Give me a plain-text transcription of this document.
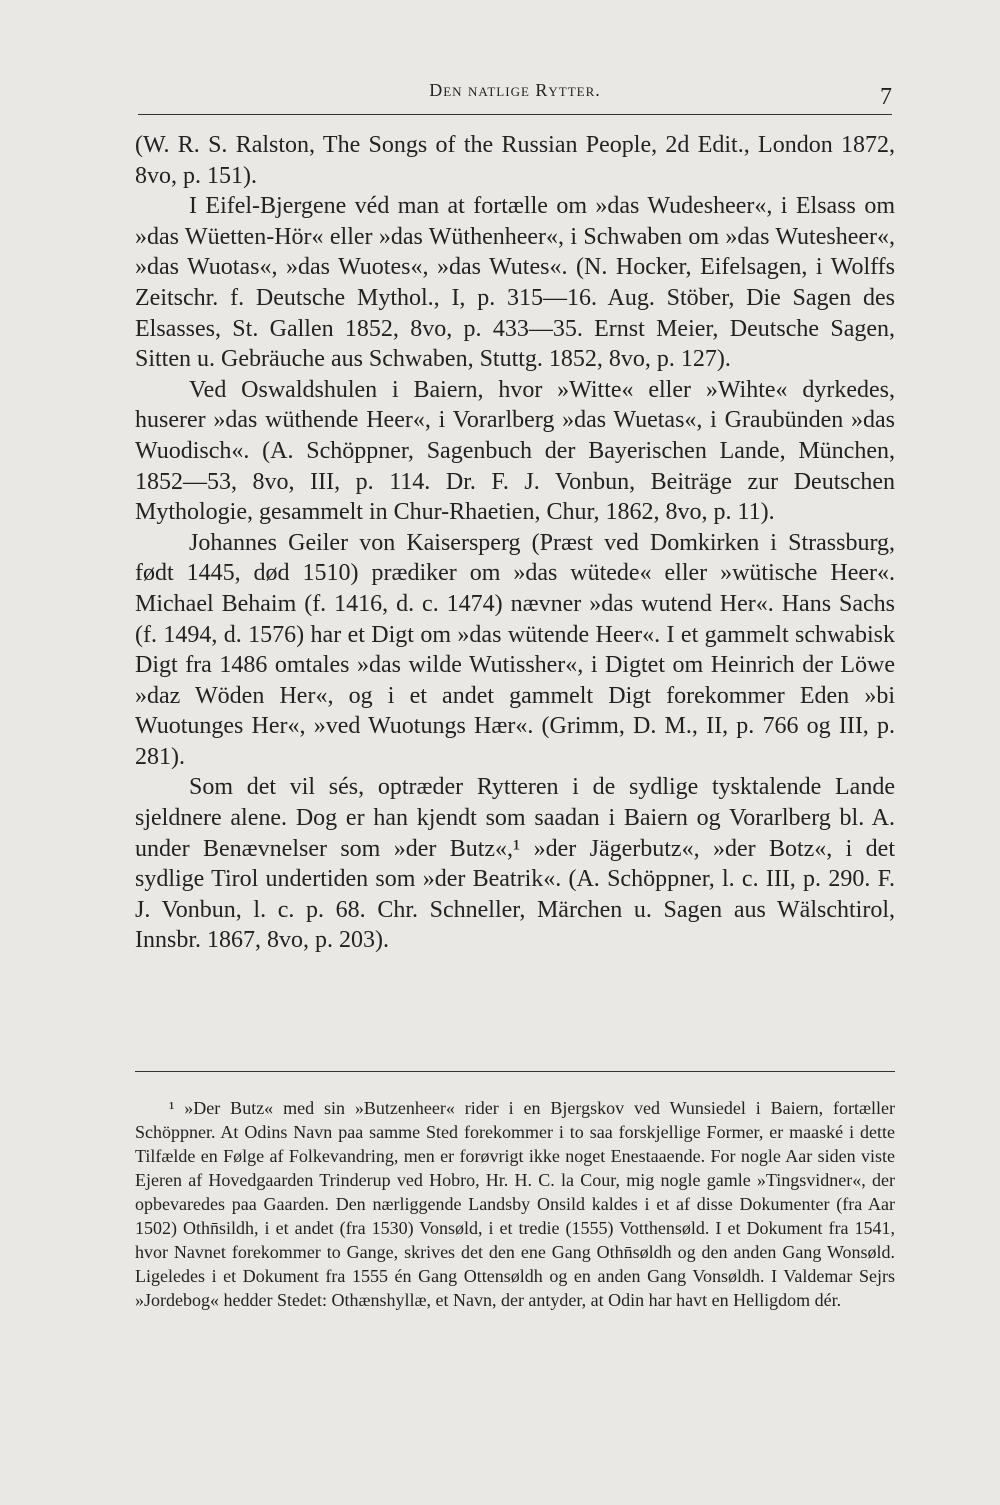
Den natlige Rytter.	7

(W. R. S. Ralston, The Songs of the Russian People, 2d Edit., London 1872, 8vo, p. 151).

I Eifel-Bjergene véd man at fortælle om »das Wudesheer«, i Elsass om »das Wüetten-Hör« eller »das Wüthenheer«, i Schwaben om »das Wutesheer«, »das Wuotas«, »das Wuotes«, »das Wutes«. (N. Hocker, Eifelsagen, i Wolffs Zeitschr. f. Deutsche Mythol., I, p. 315—16. Aug. Stöber, Die Sagen des Elsasses, St. Gallen 1852, 8vo, p. 433—35. Ernst Meier, Deutsche Sagen, Sitten u. Gebräuche aus Schwaben, Stuttg. 1852, 8vo, p. 127).

Ved Oswaldshulen i Baiern, hvor »Witte« eller »Wihte« dyrkedes, huserer »das wüthende Heer«, i Vorarlberg »das Wuetas«, i Graubünden »das Wuodisch«. (A. Schöppner, Sagenbuch der Bayerischen Lande, München, 1852—53, 8vo, III, p. 114. Dr. F. J. Vonbun, Beiträge zur Deutschen Mythologie, gesammelt in Chur-Rhaetien, Chur, 1862, 8vo, p. 11).

Johannes Geiler von Kaisersperg (Præst ved Domkirken i Strassburg, født 1445, død 1510) prædiker om »das wütede« eller »wütische Heer«. Michael Behaim (f. 1416, d. c. 1474) nævner »das wutend Her«. Hans Sachs (f. 1494, d. 1576) har et Digt om »das wütende Heer«. I et gammelt schwabisk Digt fra 1486 omtales »das wilde Wutissher«, i Digtet om Heinrich der Löwe »daz Wöden Her«, og i et andet gammelt Digt forekommer Eden »bi Wuotunges Her«, »ved Wuotungs Hær«. (Grimm, D. M., II, p. 766 og III, p. 281).

Som det vil sés, optræder Rytteren i de sydlige tysktalende Lande sjeldnere alene. Dog er han kjendt som saadan i Baiern og Vorarlberg bl. A. under Benævnelser som »der Butz«,¹ »der Jägerbutz«, »der Botz«, i det sydlige Tirol undertiden som »der Beatrik«. (A. Schöppner, l. c. III, p. 290. F. J. Vonbun, l. c. p. 68. Chr. Schneller, Märchen u. Sagen aus Wälschtirol, Innsbr. 1867, 8vo, p. 203).

¹ »Der Butz« med sin »Butzenheer« rider i en Bjergskov ved Wunsiedel i Baiern, fortæller Schöppner. At Odins Navn paa samme Sted forekommer i to saa forskjellige Former, er maaské i dette Tilfælde en Følge af Folkevandring, men er forøvrigt ikke noget Enestaaende. For nogle Aar siden viste Ejeren af Hovedgaarden Trinderup ved Hobro, Hr. H. C. la Cour, mig nogle gamle »Tingsvidner«, der opbevaredes paa Gaarden. Den nærliggende Landsby Onsild kaldes i et af disse Dokumenter (fra Aar 1502) Othn̄sildh, i et andet (fra 1530) Vonsøld, i et tredie (1555) Votthensøld. I et Dokument fra 1541, hvor Navnet forekommer to Gange, skrives det den ene Gang Othn̄søldh og den anden Gang Wonsøld. Ligeledes i et Dokument fra 1555 én Gang Ottensøldh og en anden Gang Vonsøldh. I Valdemar Sejrs »Jordebog« hedder Stedet: Othænshyllæ, et Navn, der antyder, at Odin har havt en Helligdom dér.
